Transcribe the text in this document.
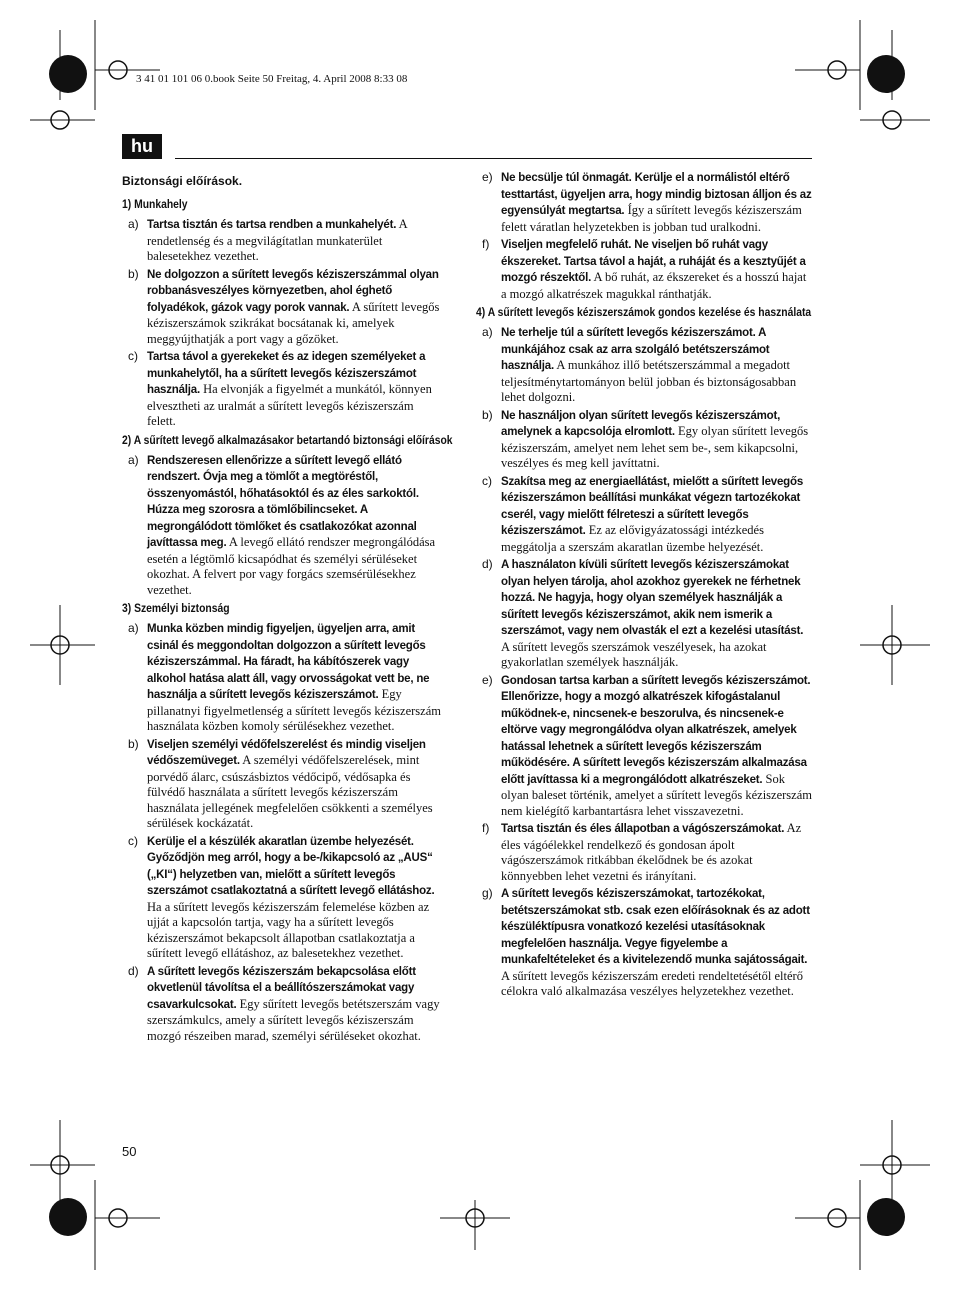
3 41 01 101 06 0.book Seite 50 Freitag, 4. April 2008 8:33 08
hu
Biztonsági előírások.
1) Munkahely
a) Tartsa tisztán és tartsa rendben a munkahelyét. A rendetlenség és a megvilágítatlan munkaterület balesetekhez vezethet.
b) Ne dolgozzon a sűrített levegős kéziszerszámmal olyan robbanásveszélyes környezetben, ahol éghető folyadékok, gázok vagy porok vannak. A sűrített levegős kéziszerszámok szikrákat bocsátanak ki, amelyek meggyújthatják a port vagy a gőzöket.
c) Tartsa távol a gyerekeket és az idegen személyeket a munkahelytől, ha a sűrített levegős kéziszerszámot használja. Ha elvonják a figyelmét a munkától, könnyen elvesztheti az uralmát a sűrített levegős kéziszerszám felett.
2) A sűrített levegő alkalmazásakor betartandó biztonsági előírások
a) Rendszeresen ellenőrizze a sűrített levegő ellátó rendszert. Óvja meg a tömlőt a megtöréstől, összenyomástól, hőhatásoktól és az éles sarkoktól. Húzza meg szorosra a tömlőbilincseket. A megrongálódott tömlőket és csatlakozókat azonnal javíttassa meg. A levegő ellátó rendszer megrongálódása esetén a légtömlő kicsapódhat és személyi sérüléseket okozhat. A felvert por vagy forgács szemsérülésekhez vezethet.
3) Személyi biztonság
a) Munka közben mindig figyeljen, ügyeljen arra, amit csinál és meggondoltan dolgozzon a sűrített levegős kéziszerszámmal. Ha fáradt, ha kábítószerek vagy alkohol hatása alatt áll, vagy orvosságokat vett be, ne használja a sűrített levegős kéziszerszámot. Egy pillanatnyi figyelmetlenség a sűrített levegős kéziszerszám használata közben komoly sérülésekhez vezethet.
b) Viseljen személyi védőfelszerelést és mindig viseljen védőszemüveget. A személyi védőfelszerelések, mint porvédő álarc, csúszásbiztos védőcipő, védősapka és fülvédő használata a sűrített levegős kéziszerszám használata jellegének megfelelően csökkenti a személyes sérülések kockázatát.
c) Kerülje el a készülék akaratlan üzembe helyezését. Győződjön meg arról, hogy a be-/kikapcsoló az „AUS“ („KI“) helyzetben van, mielőtt a sűrített levegős szerszámot csatlakoztatná a sűrített levegő ellátáshoz. Ha a sűrített levegős kéziszerszám felemelése közben az ujját a kapcsolón tartja, vagy ha a sűrített levegős kéziszerszámot bekapcsolt állapotban csatlakoztatja a sűrített levegő ellátáshoz, az balesetekhez vezethet.
d) A sűrített levegős kéziszerszám bekapcsolása előtt okvetlenül távolítsa el a beállítószerszámokat vagy csavarkulcsokat. Egy sűrített levegős betétszerszám vagy szerszámkulcs, amely a sűrített levegős kéziszerszám mozgó részeiben marad, személyi sérüléseket okozhat.
e) Ne becsülje túl önmagát. Kerülje el a normálistól eltérő testtartást, ügyeljen arra, hogy mindig biztosan álljon és az egyensúlyát megtartsa. Így a sűrített levegős kéziszerszám felett váratlan helyzetekben is jobban tud uralkodni.
f)	Viseljen megfelelő ruhát. Ne viseljen bő ruhát vagy ékszereket. Tartsa távol a haját, a ruháját és a kesztyűjét a mozgó részektől. A bő ruhát, az ékszereket és a hosszú hajat a mozgó alkatrészek magukkal ránthatják.
4) A sűrített levegős kéziszerszámok gondos kezelése és használata
a) Ne terhelje túl a sűrített levegős kéziszerszámot. A munkájához csak az arra szolgáló betétszerszámot használja. A munkához illő betétszerszámmal a megadott teljesítménytartományon belül jobban és biztonságosabban lehet dolgozni.
b) Ne használjon olyan sűrített levegős kéziszerszámot, amelynek a kapcsolója elromlott. Egy olyan sűrített levegős kéziszerszám, amelyet nem lehet sem be-, sem kikapcsolni, veszélyes és meg kell javíttatni.
c) Szakítsa meg az energiaellátást, mielőtt a sűrített levegős kéziszerszámon beállítási munkákat végezn tartozékokat cserél, vagy mielőtt félreteszi a sűrített levegős kéziszerszámot. Ez az elővigyázatossági intézkedés meggátolja a szerszám akaratlan üzembe helyezését.
d) A használaton kívüli sűrített levegős kéziszerszámokat olyan helyen tárolja, ahol azokhoz gyerekek ne férhetnek hozzá. Ne hagyja, hogy olyan személyek használják a sűrített levegős kéziszerszámot, akik nem ismerik a szerszámot, vagy nem olvasták el ezt a kezelési utasítást. A sűrített levegős szerszámok veszélyesek, ha azokat gyakorlatlan személyek használják.
e) Gondosan tartsa karban a sűrített levegős kéziszerszámot. Ellenőrizze, hogy a mozgó alkatrészek kifogástalanul működnek-e, nincsenek-e beszorulva, és nincsenek-e eltörve vagy megrongálódva olyan alkatrészek, amelyek hatással lehetnek a sűrített levegős kéziszerszám működésére. A sűrített levegős kéziszerszám alkalmazása előtt javíttassa ki a megrongálódott alkatrészeket. Sok olyan baleset történik, amelyet a sűrített levegős kéziszerszám nem kielégítő karbantartásra lehet visszavezetni.
f)	Tartsa tisztán és éles állapotban a vágószerszámokat. Az éles vágóélekkel rendelkező és gondosan ápolt vágószerszámok ritkábban ékelődnek be és azokat könnyebben lehet vezetni és irányítani.
g) A sűrített levegős kéziszerszámokat, tartozékokat, betétszerszámokat stb. csak ezen előírásoknak és az adott készüléktípusra vonatkozó kezelési utasításoknak megfelelően használja. Vegye figyelembe a munkafeltételeket és a kivitelezendő munka sajátosságait. A sűrített levegős kéziszerszám eredeti rendeltetésétől eltérő célokra való alkalmazása veszélyes helyzetekhez vezethet.
50
